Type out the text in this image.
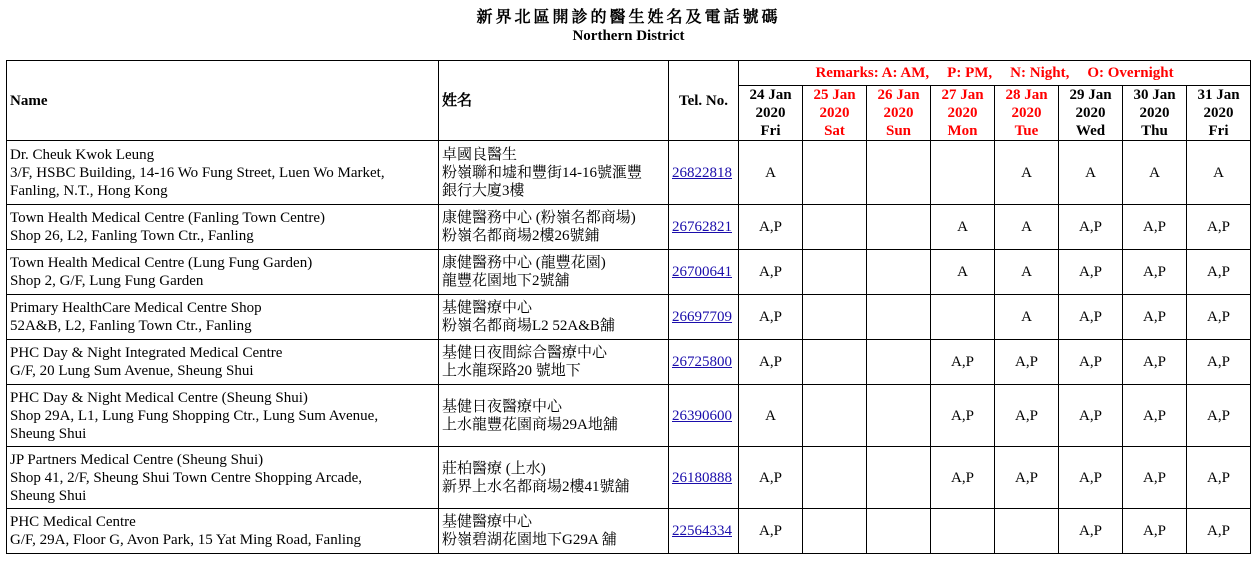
新界北區開診的醫生姓名及電話號碼
Northern District
Name	姓名	Tel. No.	Remarks: A: AM, P: PM, N: Night, O: Overnight							

			24 Jan
2020
Fri	25 Jan
2020
Sat	26 Jan
2020
Sun	27 Jan
2020
Mon	28 Jan
2020
Tue	29 Jan
2020
Wed	30 Jan
2020
Thu	31 Jan
2020
Fri

Dr. Cheuk Kwok Leung
3/F, HSBC Building, 14-16 Wo Fung Street, Luen Wo Market,
Fanling, N.T., Hong Kong	卓國良醫生
粉嶺聯和墟和豐街14-16號滙豐
銀行大廈3樓	26822818	A				A	A	A	A

Town Health Medical Centre (Fanling Town Centre)
Shop 26, L2, Fanling Town Ctr., Fanling	康健醫務中心 (粉嶺名都商場)
粉嶺名都商場2樓26號鋪	26762821	A,P			A	A	A,P	A,P	A,P

Town Health Medical Centre (Lung Fung Garden)
Shop 2, G/F, Lung Fung Garden	康健醫務中心 (龍豐花園)
龍豐花園地下2號舖	26700641	A,P			A	A	A,P	A,P	A,P

Primary HealthCare Medical Centre Shop
52A&B, L2, Fanling Town Ctr., Fanling	基健醫療中心
粉嶺名都商場L2 52A&B舖	26697709	A,P				A	A,P	A,P	A,P

PHC Day & Night Integrated Medical Centre
G/F, 20 Lung Sum Avenue, Sheung Shui	基健日夜間綜合醫療中心
上水龍琛路20 號地下	26725800	A,P			A,P	A,P	A,P	A,P	A,P

PHC Day & Night Medical Centre (Sheung Shui)
Shop 29A, L1, Lung Fung Shopping Ctr., Lung Sum Avenue,
Sheung Shui	基健日夜醫療中心
上水龍豐花園商場29A地舖	26390600	A			A,P	A,P	A,P	A,P	A,P

JP Partners Medical Centre (Sheung Shui)
Shop 41, 2/F, Sheung Shui Town Centre Shopping Arcade,
Sheung Shui	莊柏醫療 (上水)
新界上水名都商場2樓41號舖	26180888	A,P			A,P	A,P	A,P	A,P	A,P

PHC Medical Centre
G/F, 29A, Floor G, Avon Park, 15 Yat Ming Road, Fanling	基健醫療中心
粉嶺碧湖花園地下G29A 舖	22564334	A,P					A,P	A,P	A,P
